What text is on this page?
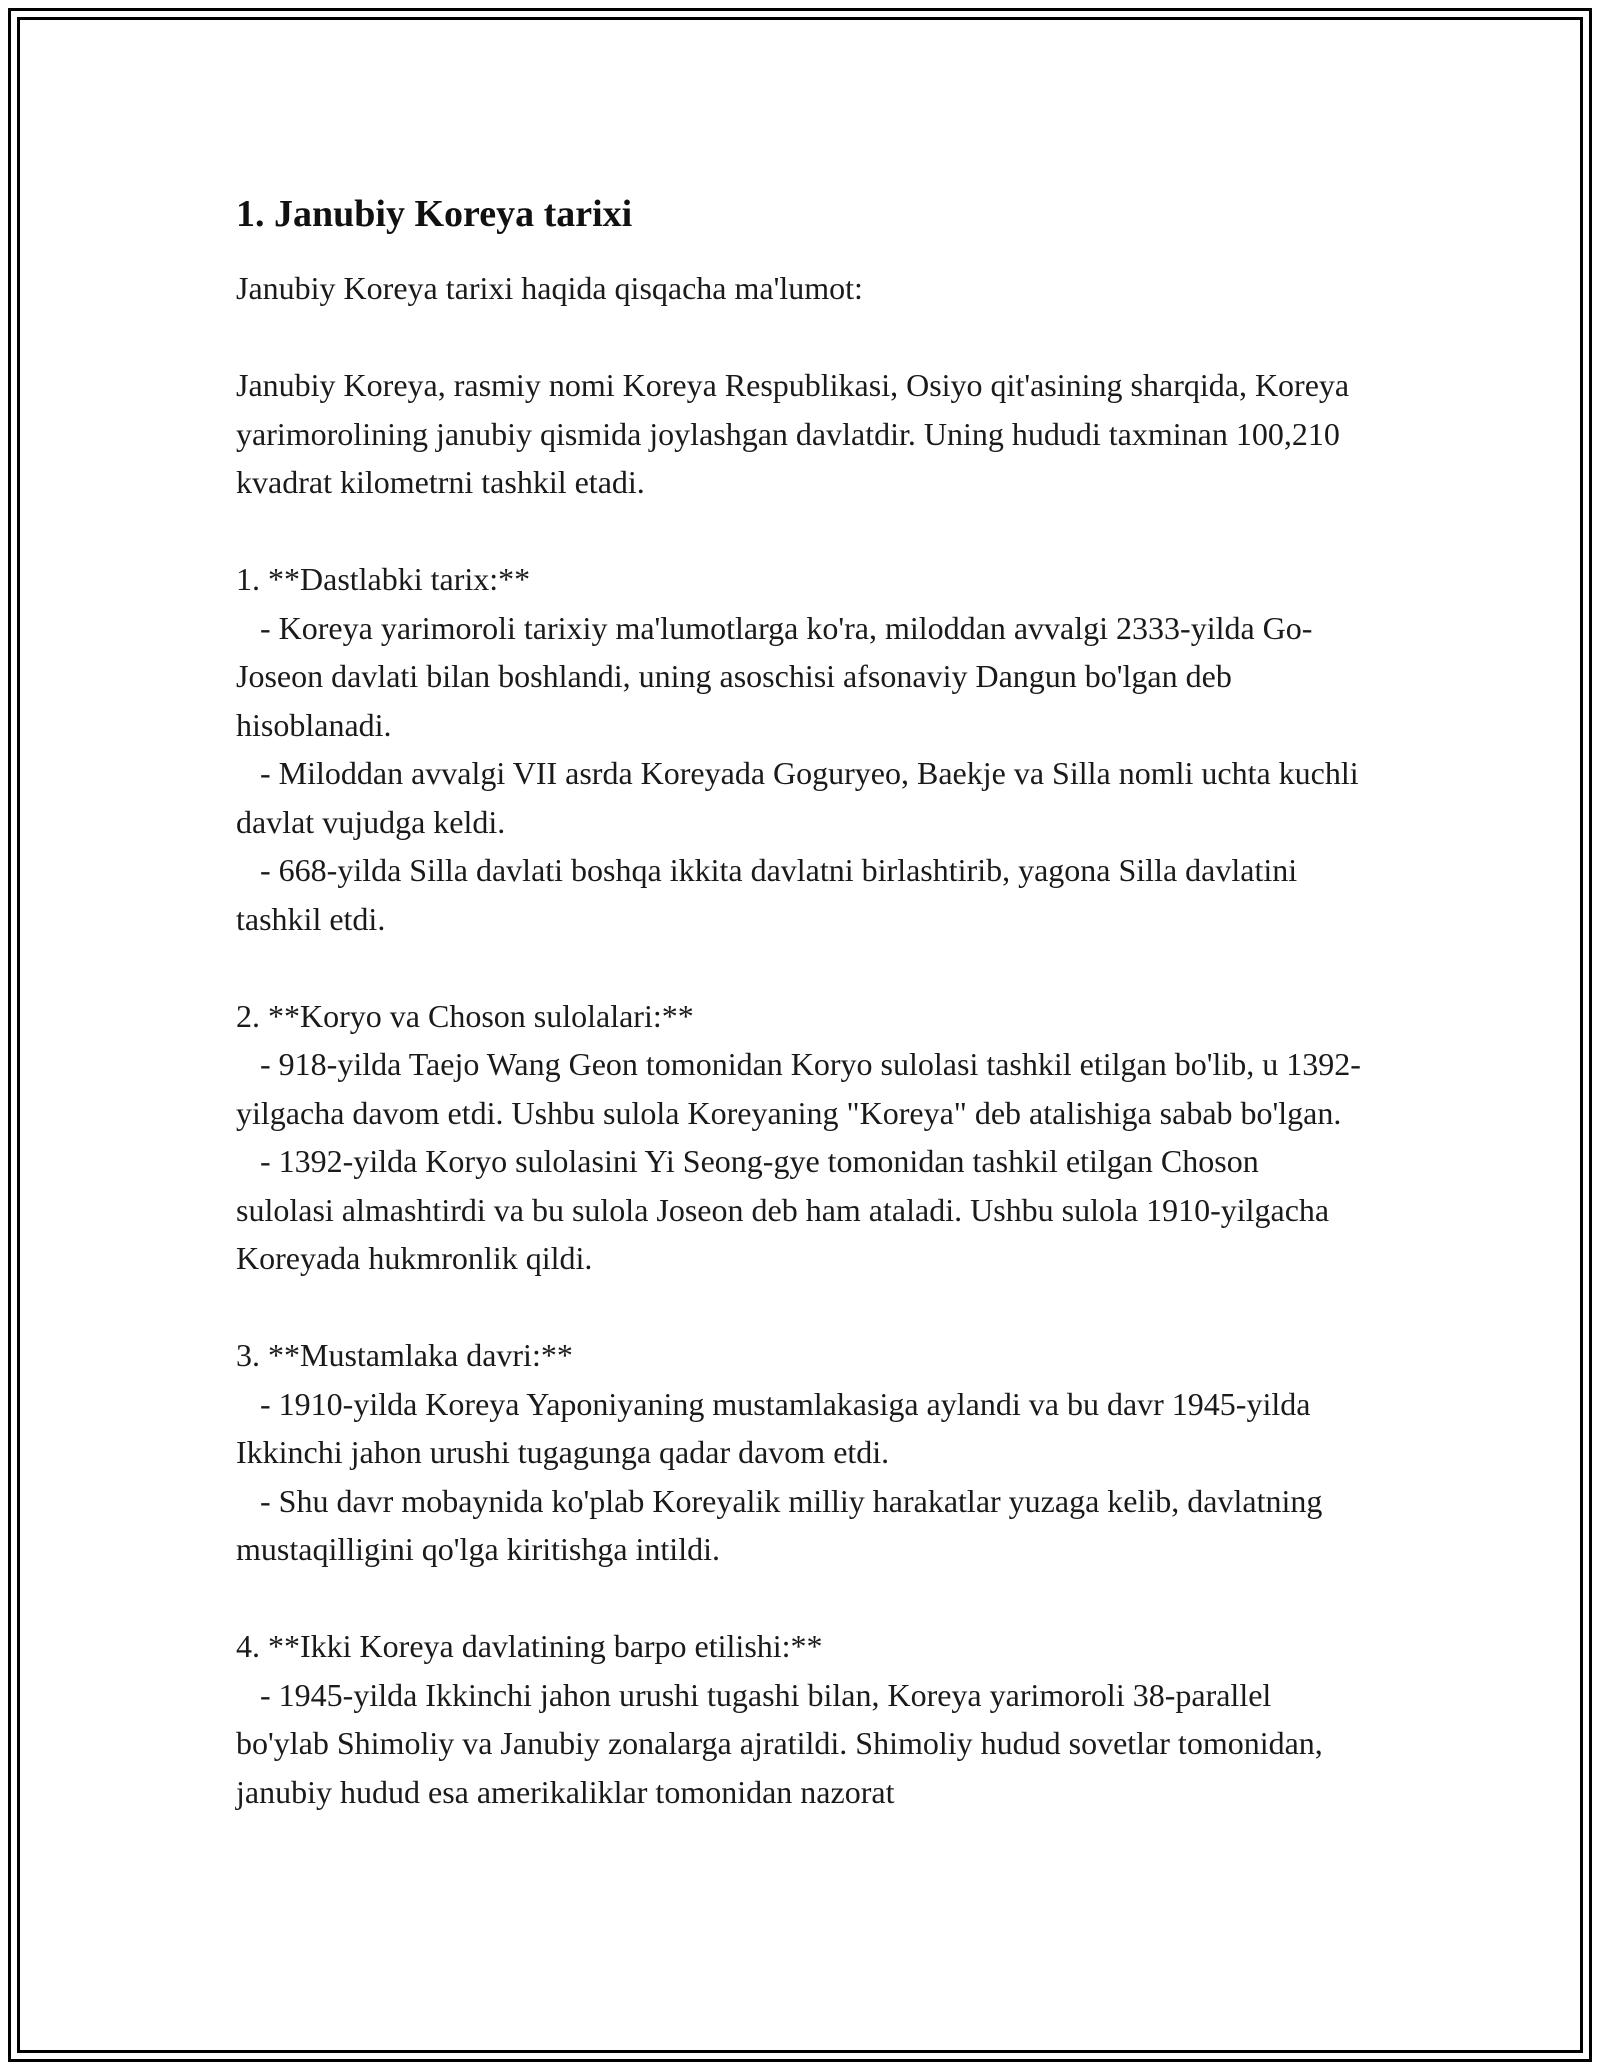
1. Janubiy Koreya tarixi

Janubiy Koreya tarixi haqida qisqacha ma'lumot:

Janubiy Koreya, rasmiy nomi Koreya Respublikasi, Osiyo qit'asining sharqida, Koreya yarimorolining janubiy qismida joylashgan davlatdir. Uning hududi taxminan 100,210 kvadrat kilometrni tashkil etadi.

1. **Dastlabki tarix:**

- Koreya yarimoroli tarixiy ma'lumotlarga ko'ra, miloddan avvalgi 2333-yilda Go-Joseon davlati bilan boshlandi, uning asoschisi afsonaviy Dangun bo'lgan deb hisoblanadi.

- Miloddan avvalgi VII asrda Koreyada Goguryeo, Baekje va Silla nomli uchta kuchli davlat vujudga keldi.

- 668-yilda Silla davlati boshqa ikkita davlatni birlashtirib, yagona Silla davlatini tashkil etdi.

2. **Koryo va Choson sulolalari:**

- 918-yilda Taejo Wang Geon tomonidan Koryo sulolasi tashkil etilgan bo'lib, u 1392-yilgacha davom etdi. Ushbu sulola Koreyaning "Koreya" deb atalishiga sabab bo'lgan.

- 1392-yilda Koryo sulolasini Yi Seong-gye tomonidan tashkil etilgan Choson sulolasi almashtirdi va bu sulola Joseon deb ham ataladi. Ushbu sulola 1910-yilgacha Koreyada hukmronlik qildi.

3. **Mustamlaka davri:**

- 1910-yilda Koreya Yaponiyaning mustamlakasiga aylandi va bu davr 1945-yilda Ikkinchi jahon urushi tugagunga qadar davom etdi.

- Shu davr mobaynida ko'plab Koreyalik milliy harakatlar yuzaga kelib, davlatning mustaqilligini qo'lga kiritishga intildi.

4. **Ikki Koreya davlatining barpo etilishi:**

- 1945-yilda Ikkinchi jahon urushi tugashi bilan, Koreya yarimoroli 38-parallel bo'ylab Shimoliy va Janubiy zonalarga ajratildi. Shimoliy hudud sovetlar tomonidan, janubiy hudud esa amerikaliklar tomonidan nazorat
